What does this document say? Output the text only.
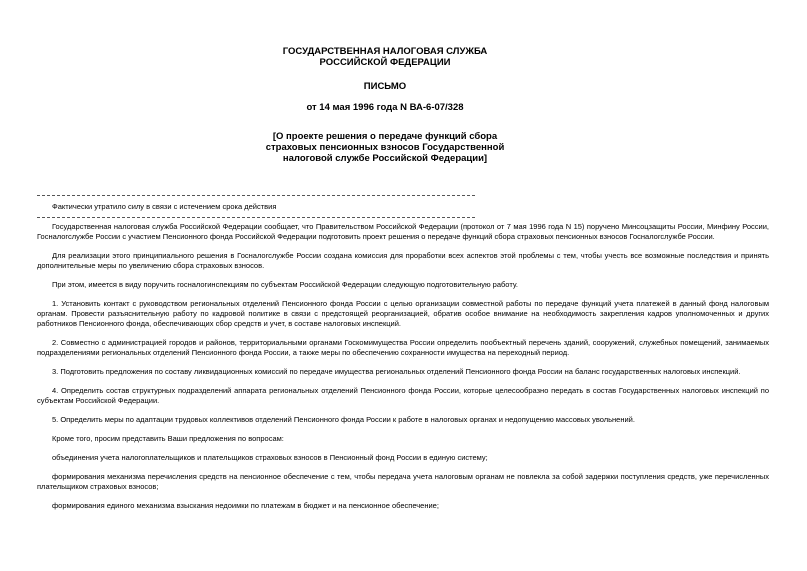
ГОСУДАРСТВЕННАЯ НАЛОГОВАЯ СЛУЖБА
РОССИЙСКОЙ ФЕДЕРАЦИИ
ПИСЬМО
от 14 мая 1996 года N ВА-6-07/328
[О проекте решения о передаче функций сбора
страховых пенсионных взносов Государственной
налоговой службе Российской Федерации]
Фактически утратило силу в связи с истечением срока действия

Государственная налоговая служба Российской Федерации сообщает, что Правительством Российской Федерации (протокол от 7 мая 1996 года N 15) поручено Минсоцзащиты России, Минфину России, Госналогслужбе России с участием Пенсионного фонда Российской Федерации подготовить проект решения о передаче функций сбора страховых пенсионных взносов Госналогслужбе России.

Для реализации этого принципиального решения в Госналогслужбе России создана комиссия для проработки всех аспектов этой проблемы с тем, чтобы учесть все возможные последствия и принять дополнительные меры по увеличению сбора страховых взносов.

При этом, имеется в виду поручить госналогинспекциям по субъектам Российской Федерации следующую подготовительную работу.

1. Установить контакт с руководством региональных отделений Пенсионного фонда России с целью организации совместной работы по передаче функций учета платежей в данный фонд налоговым органам. Провести разъяснительную работу по кадровой политике в связи с предстоящей реорганизацией, обратив особое внимание на необходимость закрепления кадров уполномоченных и других работников Пенсионного фонда, обеспечивающих сбор средств и учет, в составе налоговых инспекций.

2. Совместно с администрацией городов и районов, территориальными органами Госкомимущества России определить пообъектный перечень зданий, сооружений, служебных помещений, занимаемых подразделениями региональных отделений Пенсионного фонда России, а также меры по обеспечению сохранности имущества на переходный период.

3. Подготовить предложения по составу ликвидационных комиссий по передаче имущества региональных отделений Пенсионного фонда России на баланс государственных налоговых инспекций.

4. Определить состав структурных подразделений аппарата региональных отделений Пенсионного фонда России, которые целесообразно передать в состав Государственных налоговых инспекций по субъектам Российской Федерации.

5. Определить меры по адаптации трудовых коллективов отделений Пенсионного фонда России к работе в налоговых органах и недопущению массовых увольнений.

Кроме того, просим представить Ваши предложения по вопросам:

объединения учета налогоплательщиков и плательщиков страховых взносов в Пенсионный фонд России в единую систему;

формирования механизма перечисления средств на пенсионное обеспечение с тем, чтобы передача учета налоговым органам не повлекла за собой задержки поступления средств, уже перечисленных плательщиком страховых взносов;

формирования единого механизма взыскания недоимки по платежам в бюджет и на пенсионное обеспечение;
